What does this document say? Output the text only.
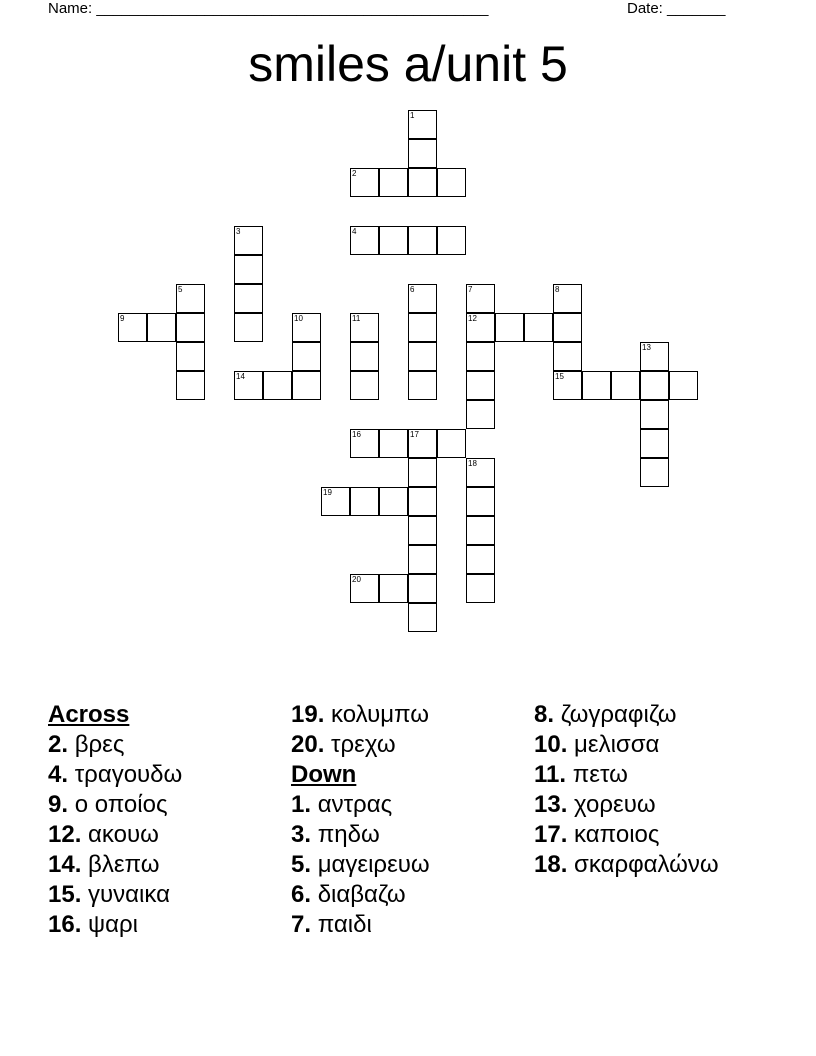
Name: _______________________________________________	Date: _______
smiles a/unit 5
1
2
3	4
5	6	7	8
9	10	11	12
13
14	15
16	17
18
19
20
Across
2. βρες
4. τραγουδω
9. ο οποίος
12. ακουω
14. βλεπω
15. γυναικα
16. ψαρι
19. κολυμπω
20. τρεχω
Down
1. αντρας
3. πηδω
5. μαγειρευω
6. διαβαζω
7. παιδι
8. ζωγραφιζω
10. μελισσα
11. πετω
13. χορευω
17. καποιος
18. σκαρφαλώνω
